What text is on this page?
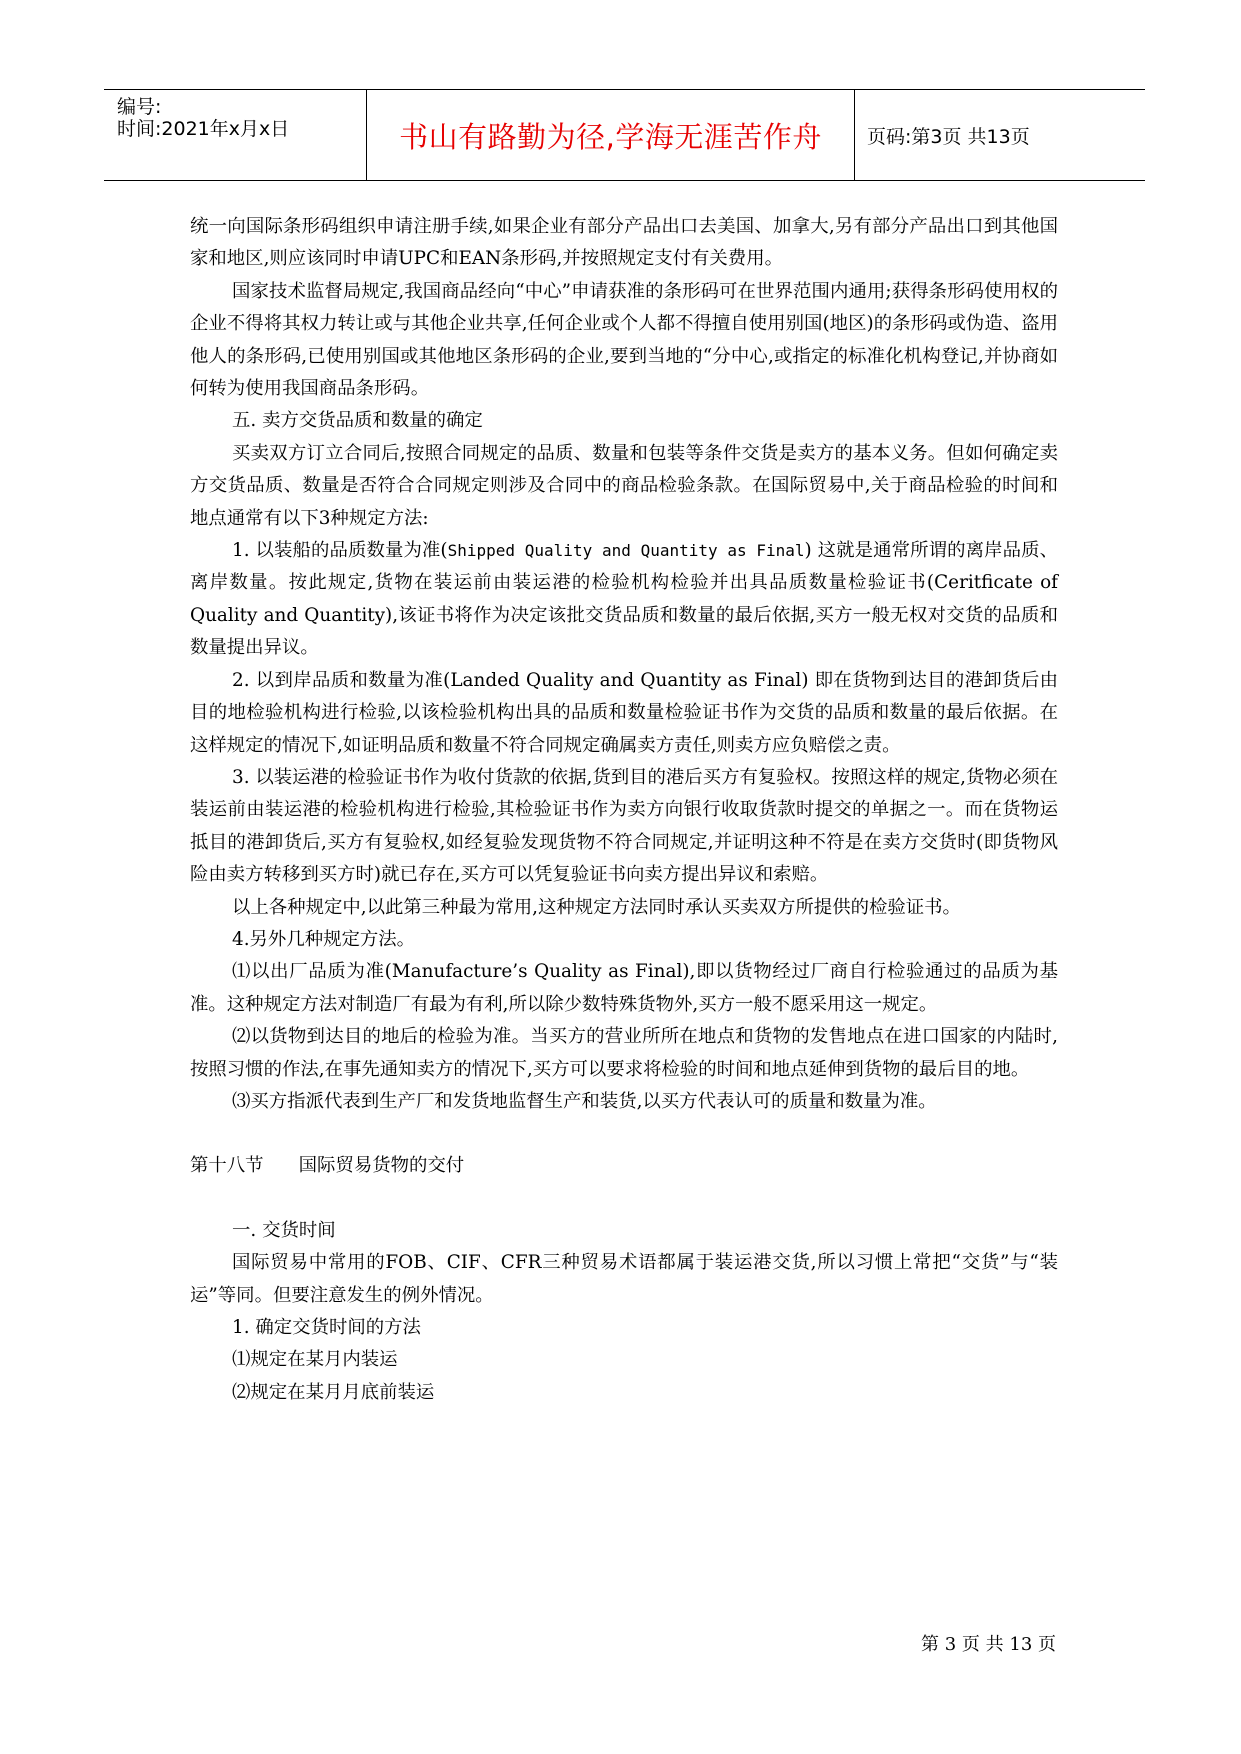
编号:
时间:2021年x月x日	书山有路勤为径,学海无涯苦作舟 页码:第3页 共13页

统一向国际条形码组织申请注册手续,如果企业有部分产品出口去美国、加拿大,另有部分产品出口到其他国家和地区,则应该同时申请UPC和EAN条形码,并按照规定支付有关费用。

国家技术监督局规定,我国商品经向“中心”申请获准的条形码可在世界范围内通用;获得条形码使用权的企业不得将其权力转让或与其他企业共享,任何企业或个人都不得擅自使用别国(地区)的条形码或伪造、盗用他人的条形码,已使用别国或其他地区条形码的企业,要到当地的“分中心,或指定的标准化机构登记,并协商如何转为使用我国商品条形码。

五. 卖方交货品质和数量的确定

买卖双方订立合同后,按照合同规定的品质、数量和包装等条件交货是卖方的基本义务。但如何确定卖方交货品质、数量是否符合合同规定则涉及合同中的商品检验条款。在国际贸易中,关于商品检验的时间和地点通常有以下3种规定方法:

1. 以装船的品质数量为准(Shipped Quality and Quantity as Final) 这就是通常所谓的离岸品质、离岸数量。按此规定,货物在装运前由装运港的检验机构检验并出具品质数量检验证书(Ceritficate of Quality and Quantity),该证书将作为决定该批交货品质和数量的最后依据,买方一般无权对交货的品质和数量提出异议。

2. 以到岸品质和数量为准(Landed Quality and Quantity as Final) 即在货物到达目的港卸货后由目的地检验机构进行检验,以该检验机构出具的品质和数量检验证书作为交货的品质和数量的最后依据。在这样规定的情况下,如证明品质和数量不符合同规定确属卖方责任,则卖方应负赔偿之责。

3. 以装运港的检验证书作为收付货款的依据,货到目的港后买方有复验权。按照这样的规定,货物必须在装运前由装运港的检验机构进行检验,其检验证书作为卖方向银行收取货款时提交的单据之一。而在货物运抵目的港卸货后,买方有复验权,如经复验发现货物不符合同规定,并证明这种不符是在卖方交货时(即货物风险由卖方转移到买方时)就已存在,买方可以凭复验证书向卖方提出异议和索赔。

以上各种规定中,以此第三种最为常用,这种规定方法同时承认买卖双方所提供的检验证书。

4.另外几种规定方法。

⑴以出厂品质为准(Manufacture’s Quality as Final),即以货物经过厂商自行检验通过的品质为基准。这种规定方法对制造厂有最为有利,所以除少数特殊货物外,买方一般不愿采用这一规定。

⑵以货物到达目的地后的检验为准。当买方的营业所所在地点和货物的发售地点在进口国家的内陆时,按照习惯的作法,在事先通知卖方的情况下,买方可以要求将检验的时间和地点延伸到货物的最后目的地。

⑶买方指派代表到生产厂和发货地监督生产和装货,以买方代表认可的质量和数量为准。

第十八节 国际贸易货物的交付

一. 交货时间

国际贸易中常用的FOB、CIF、CFR三种贸易术语都属于装运港交货,所以习惯上常把“交货”与“装运”等同。但要注意发生的例外情况。

1. 确定交货时间的方法

⑴规定在某月内装运

⑵规定在某月月底前装运

第 3 页 共 13 页
